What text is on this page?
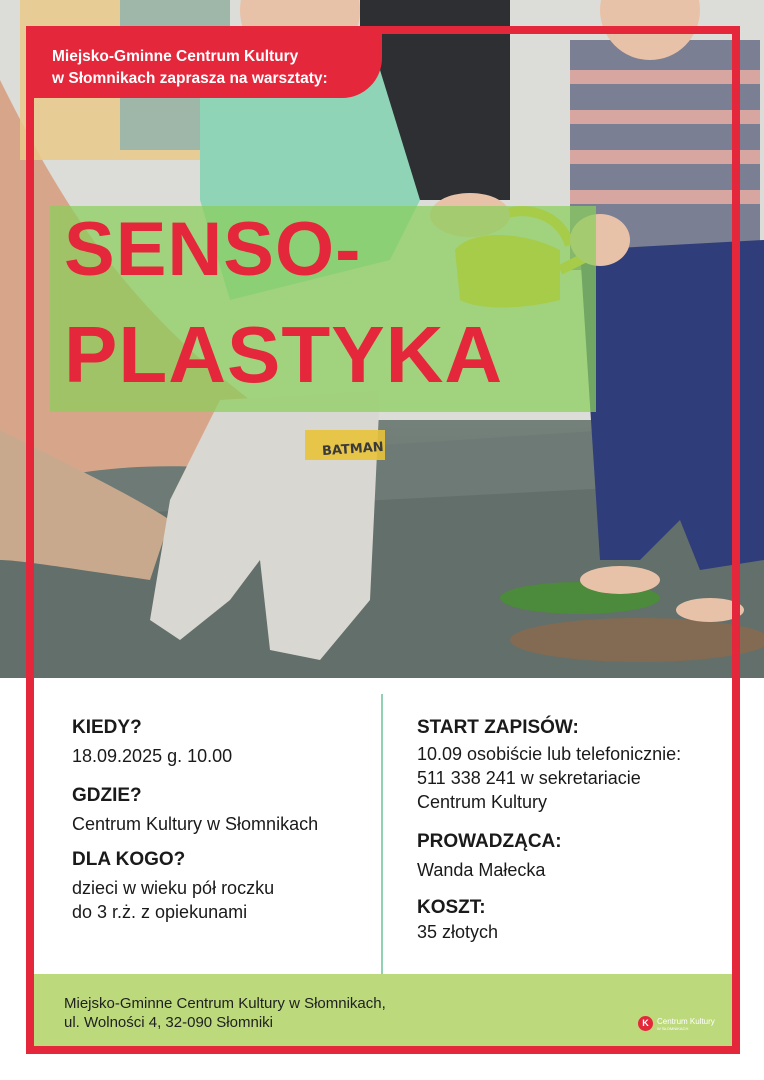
BATMAN
Miejsko-Gminne Centrum Kultury
w Słomnikach zaprasza na warsztaty:
SENSO-
PLASTYKA
KIEDY?
18.09.2025 g. 10.00
GDZIE?
Centrum Kultury w Słomnikach
DLA KOGO?
dzieci w wieku pół roczku
do 3 r.ż. z opiekunami
START ZAPISÓW:
10.09 osobiście lub telefonicznie:
511 338 241 w sekretariacie
Centrum Kultury
PROWADZĄCA:
Wanda Małecka
KOSZT:
35 złotych
Miejsko-Gminne Centrum Kultury w Słomnikach,
ul. Wolności 4, 32-090 Słomniki	K	Centrum Kultury
W SŁOMNIKACH
